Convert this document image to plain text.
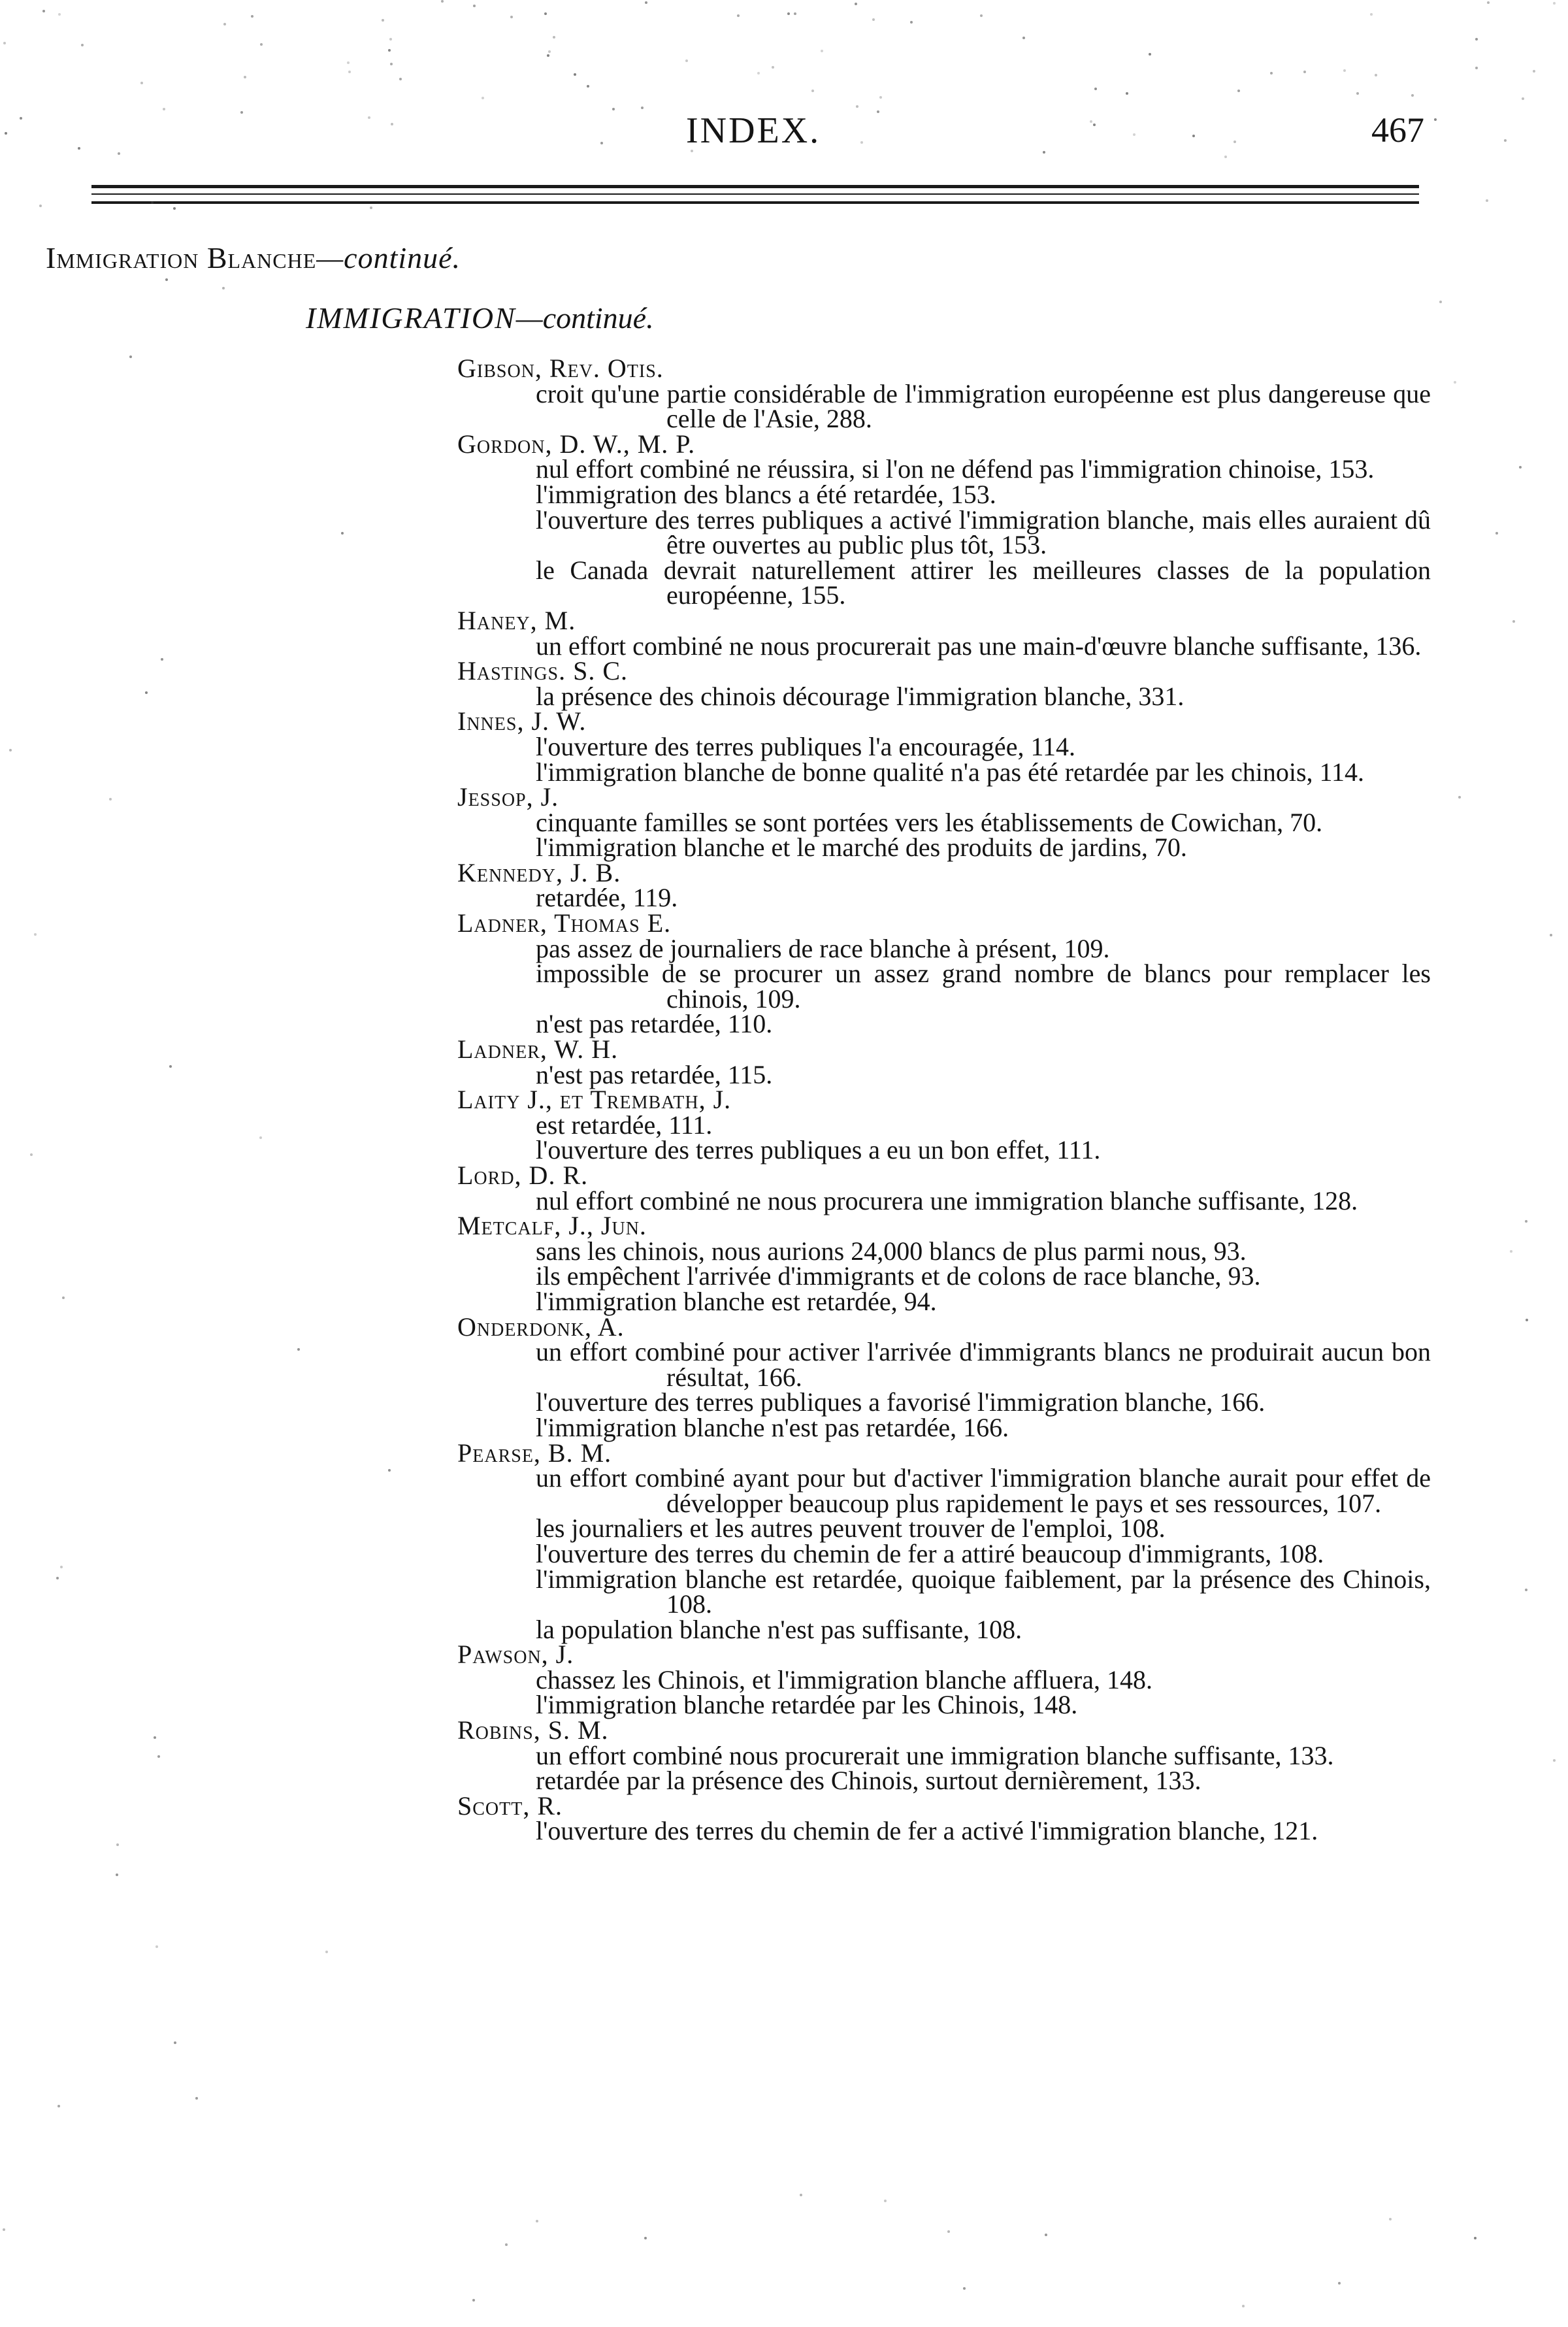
INDEX.	467
Immigration Blanche—continué.
IMMIGRATION—continué.
Gibson, Rev. Otis.
croit qu'une partie considérable de l'immigration européenne est plus dangereuse que celle de l'Asie, 288.
Gordon, D. W., M. P.
nul effort combiné ne réussira, si l'on ne défend pas l'immigration chinoise, 153.
l'immigration des blancs a été retardée, 153.
l'ouverture des terres publiques a activé l'immigration blanche, mais elles auraient dû être ouvertes au public plus tôt, 153.
le Canada devrait naturellement attirer les meilleures classes de la population européenne, 155.
Haney, M.
un effort combiné ne nous procurerait pas une main-d'œuvre blanche suffisante, 136.
Hastings. S. C.
la présence des chinois décourage l'immigration blanche, 331.
Innes, J. W.
l'ouverture des terres publiques l'a encouragée, 114.
l'immigration blanche de bonne qualité n'a pas été retardée par les chinois, 114.
Jessop, J.
cinquante familles se sont portées vers les établissements de Cowichan, 70.
l'immigration blanche et le marché des produits de jardins, 70.
Kennedy, J. B.
retardée, 119.
Ladner, Thomas E.
pas assez de journaliers de race blanche à présent, 109.
impossible de se procurer un assez grand nombre de blancs pour remplacer les chinois, 109.
n'est pas retardée, 110.
Ladner, W. H.
n'est pas retardée, 115.
Laity J., et Trembath, J.
est retardée, 111.
l'ouverture des terres publiques a eu un bon effet, 111.
Lord, D. R.
nul effort combiné ne nous procurera une immigration blanche suffisante, 128.
Metcalf, J., Jun.
sans les chinois, nous aurions 24,000 blancs de plus parmi nous, 93.
ils empêchent l'arrivée d'immigrants et de colons de race blanche, 93.
l'immigration blanche est retardée, 94.
Onderdonk, A.
un effort combiné pour activer l'arrivée d'immigrants blancs ne produirait aucun bon résultat, 166.
l'ouverture des terres publiques a favorisé l'immigration blanche, 166.
l'immigration blanche n'est pas retardée, 166.
Pearse, B. M.
un effort combiné ayant pour but d'activer l'immigration blanche aurait pour effet de développer beaucoup plus rapidement le pays et ses ressources, 107.
les journaliers et les autres peuvent trouver de l'emploi, 108.
l'ouverture des terres du chemin de fer a attiré beaucoup d'immigrants, 108.
l'immigration blanche est retardée, quoique faiblement, par la présence des Chinois, 108.
la population blanche n'est pas suffisante, 108.
Pawson, J.
chassez les Chinois, et l'immigration blanche affluera, 148.
l'immigration blanche retardée par les Chinois, 148.
Robins, S. M.
un effort combiné nous procurerait une immigration blanche suffisante, 133.
retardée par la présence des Chinois, surtout dernièrement, 133.
Scott, R.
l'ouverture des terres du chemin de fer a activé l'immigration blanche, 121.
